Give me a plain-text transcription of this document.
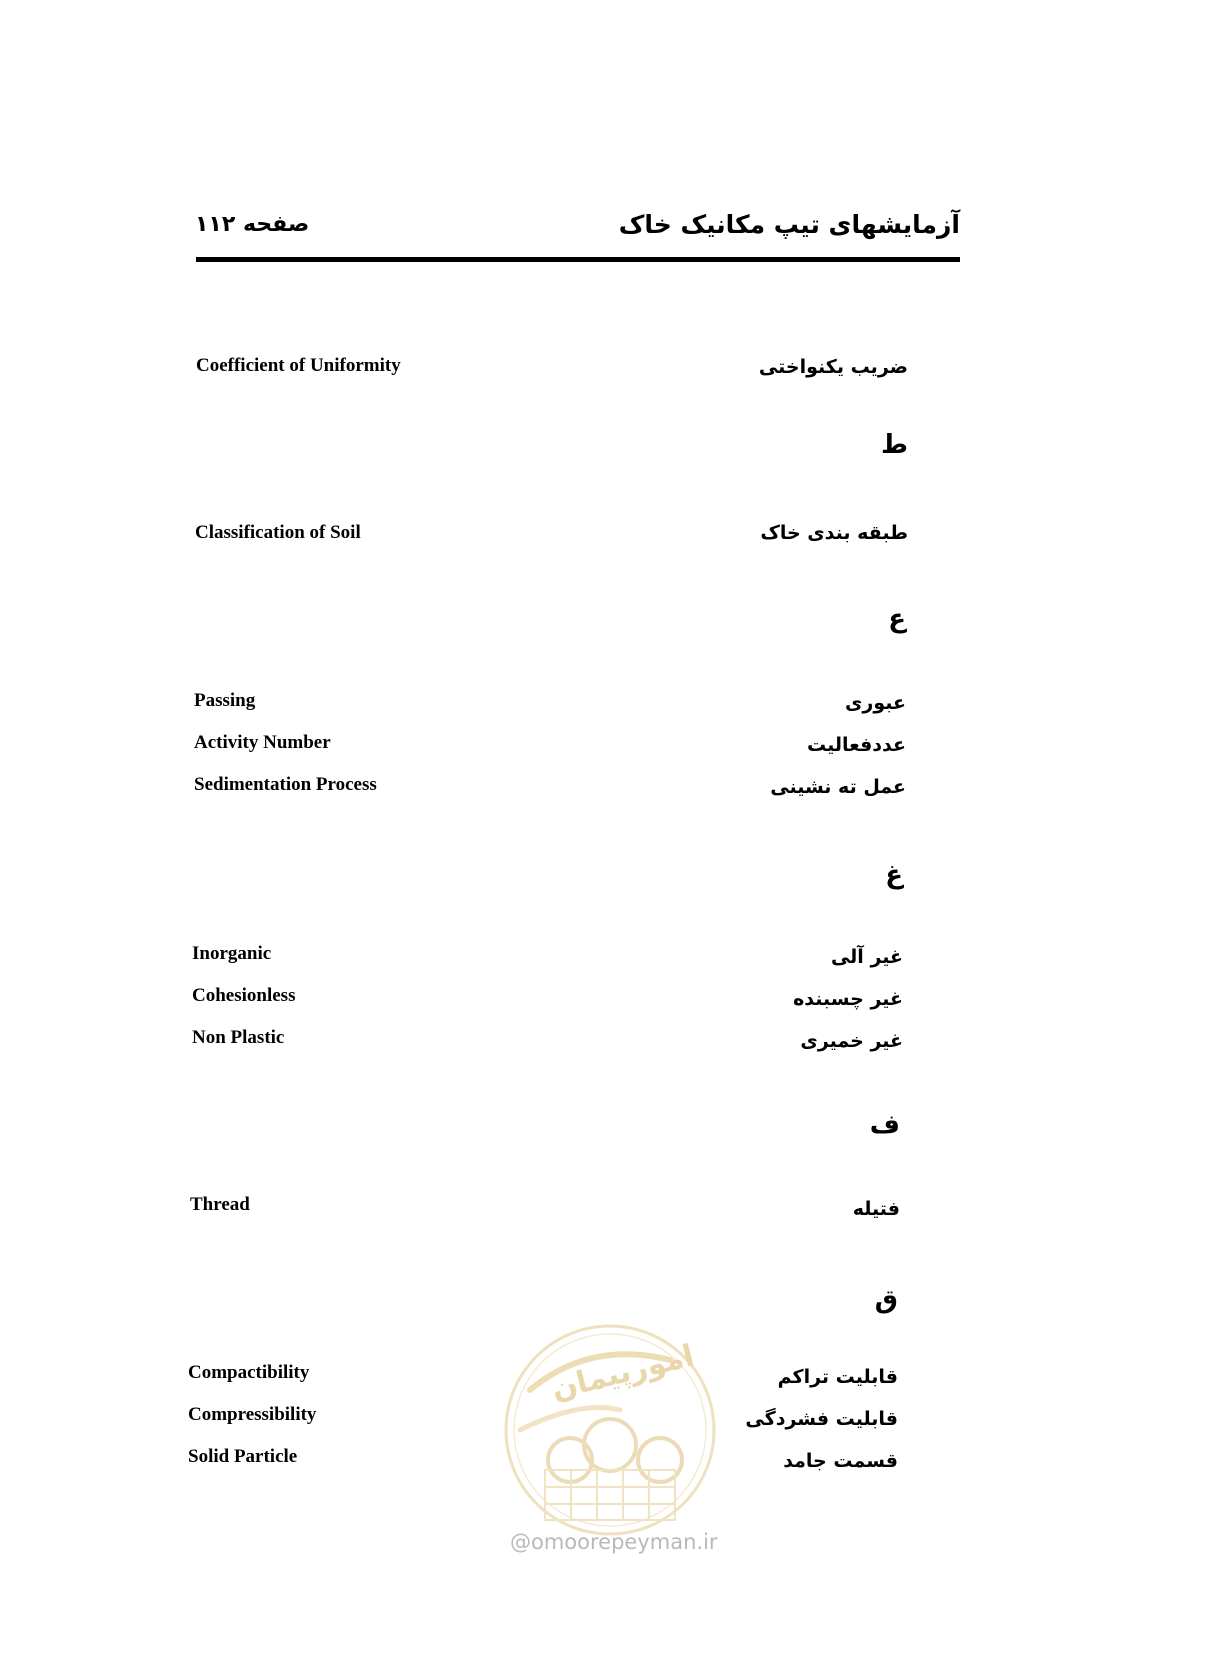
آزمایشهای تیپ مکانیک خاک
صفحه ۱۱۲
Coefficient of Uniformity	ضریب یکنواختی
ط
Classification of Soil	طبقه بندی خاک
ع
Passing	عبوری
Activity Number	عددفعالیت
Sedimentation Process	عمل ته نشینی
غ
Inorganic	غیر آلی
Cohesionless	غیر چسبنده
Non Plastic	غیر خمیری
ف
Thread	فتیله
ق
Compactibility	قابلیت تراکم
Compressibility	قابلیت فشردگی
Solid Particle	قسمت جامد
امورپیمان
@omoorepeyman.ir
